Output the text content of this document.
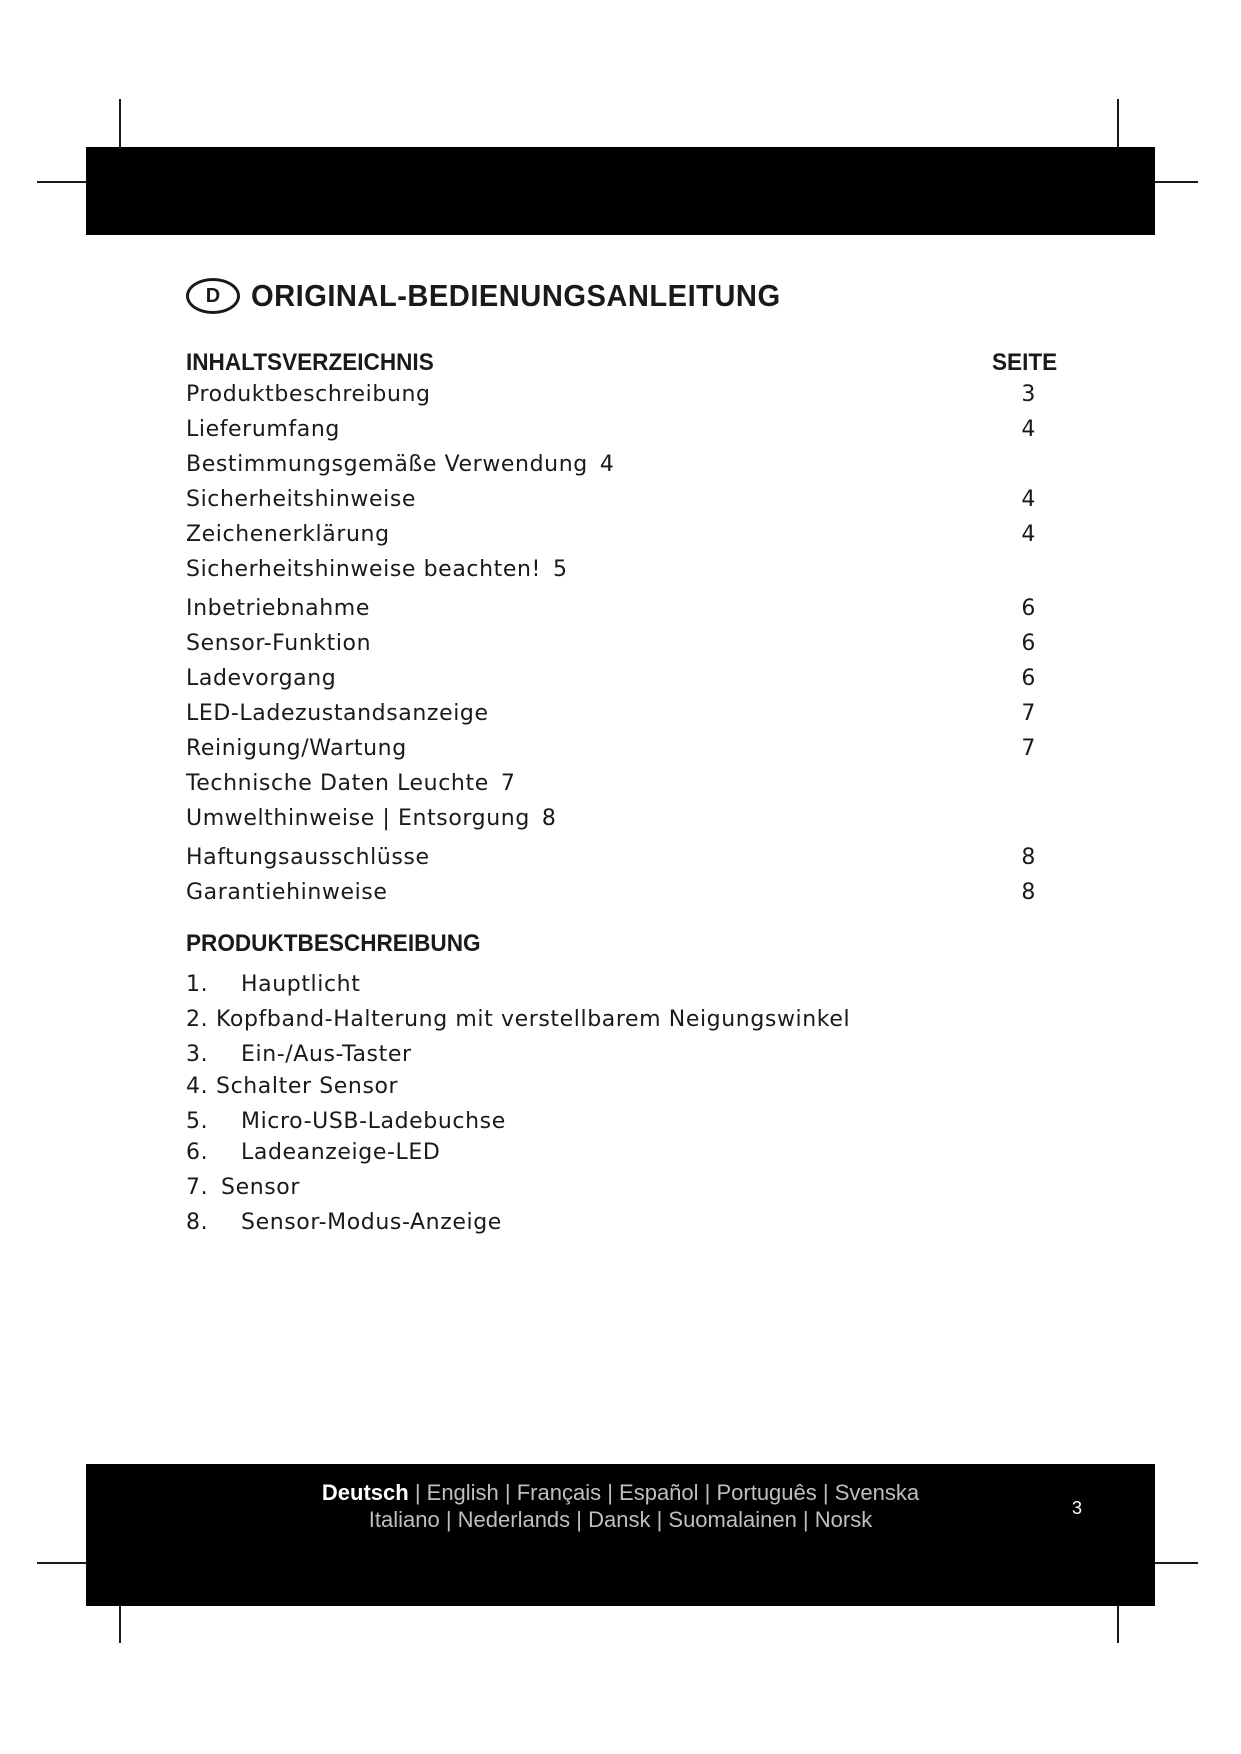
D ORIGINAL-BEDIENUNGSANLEITUNG
INHALTSVERZEICHNIS	SEITE
Produktbeschreibung	3
Lieferumfang	4
Bestimmungsgemäße Verwendung 4
Sicherheitshinweise	4
Zeichenerklärung	4
Sicherheitshinweise beachten! 5
Inbetriebnahme	6
Sensor-Funktion	6
Ladevorgang	6
LED-Ladezustandsanzeige	7
Reinigung/Wartung	7
Technische Daten Leuchte 7
Umwelthinweise | Entsorgung 8
Haftungsausschlüsse	8
Garantiehinweise	8
PRODUKTBESCHREIBUNG
1. Hauptlicht
2. Kopfband-Halterung mit verstellbarem Neigungswinkel
3. Ein-/Aus-Taster
4. Schalter Sensor
5. Micro-USB-Ladebuchse
6. Ladeanzeige-LED
7. Sensor
8. Sensor-Modus-Anzeige
Deutsch | English | Français | Español | Português | Svenska
Italiano | Nederlands | Dansk | Suomalainen | Norsk	3
